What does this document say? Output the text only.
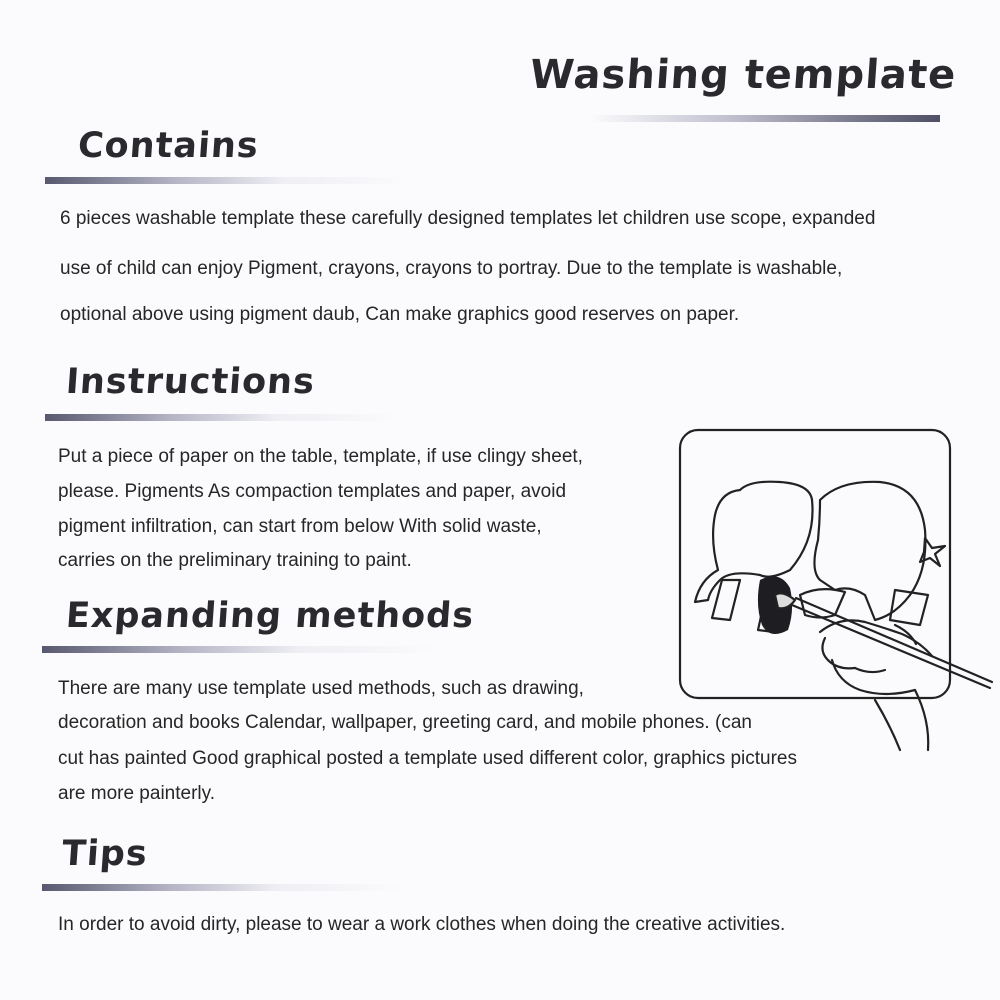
Washing template
Contains

6 pieces washable template these carefully designed templates let children use scope, expanded

use of child can enjoy Pigment, crayons, crayons to portray. Due to the template is washable,

optional above using pigment daub, Can make graphics good reserves on paper.

Instructions

Put a piece of paper on the table, template, if use clingy sheet,

please. Pigments As compaction templates and paper, avoid

pigment infiltration, can start from below With solid waste,

carries on the preliminary training to paint.

Expanding methods

There are many use template used methods, such as drawing,

decoration and books Calendar, wallpaper, greeting card, and mobile phones. (can

cut has painted Good graphical posted a template used different color, graphics pictures

are more painterly.

Tips

In order to avoid dirty, please to wear a work clothes when doing the creative activities.
